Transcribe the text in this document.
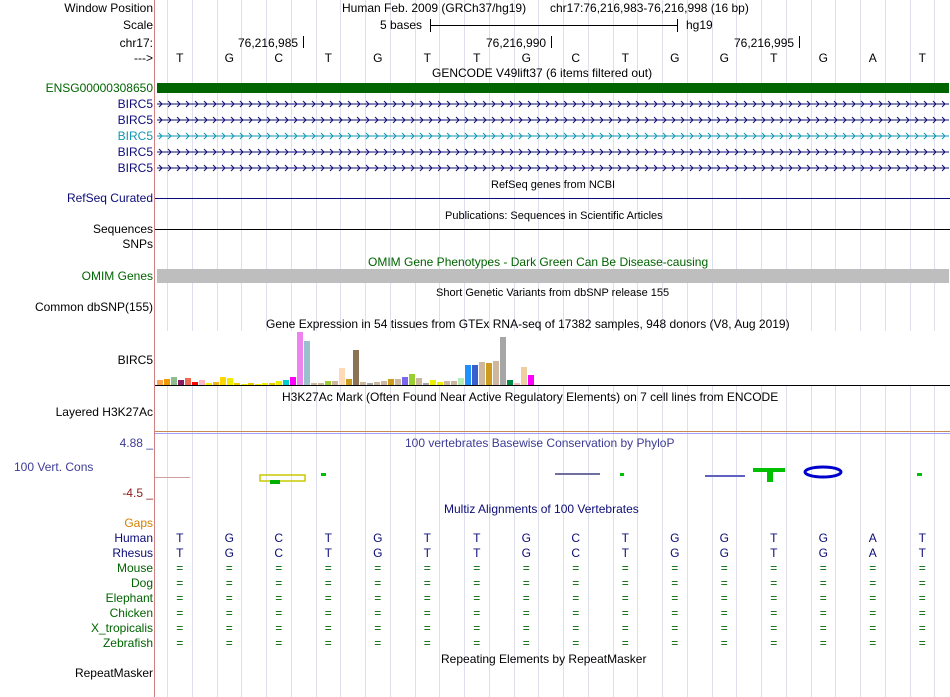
Window Position	Human Feb. 2009 (GRCh37/hg19) chr17:76,216,983-76,216,998 (16 bp)
Scale	5 bases	hg19
chr17:	76,216,985	76,216,990	76,216,995
--->	T	G	C	T	G	T	T	G	C	T	G	G	T	G	A	T
GENCODE V49lift37 (6 items filtered out)
ENSG00000308650
BIRC5
BIRC5
BIRC5
BIRC5
BIRC5
RefSeq genes from NCBI
RefSeq Curated
Publications: Sequences in Scientific Articles
Sequences
SNPs
OMIM Gene Phenotypes - Dark Green Can Be Disease-causing
OMIM Genes
Short Genetic Variants from dbSNP release 155
Common dbSNP(155)
Gene Expression in 54 tissues from GTEx RNA-seq of 17382 samples, 948 donors (V8, Aug 2019)
BIRC5
H3K27Ac Mark (Often Found Near Active Regulatory Elements) on 7 cell lines from ENCODE
Layered H3K27Ac
100 vertebrates Basewise Conservation by PhyloP
4.88 _
100 Vert. Cons
-4.5 _
Multiz Alignments of 100 Vertebrates
Gaps
Human	T	G	C	T	G	T	T	G	C	T	G	G	T	G	A	T
Rhesus	T	G	C	T	G	T	T	G	C	T	G	G	T	G	A	T
Mouse	=	=	=	=	=	=	=	=	=	=	=	=	=	=	=	=
Dog	=	=	=	=	=	=	=	=	=	=	=	=	=	=	=	=
Elephant	=	=	=	=	=	=	=	=	=	=	=	=	=	=	=	=
Chicken	=	=	=	=	=	=	=	=	=	=	=	=	=	=	=	=
X_tropicalis	=	=	=	=	=	=	=	=	=	=	=	=	=	=	=	=
Zebrafish	=	=	=	=	=	=	=	=	=	=	=	=	=	=	=	=
Repeating Elements by RepeatMasker
RepeatMasker
